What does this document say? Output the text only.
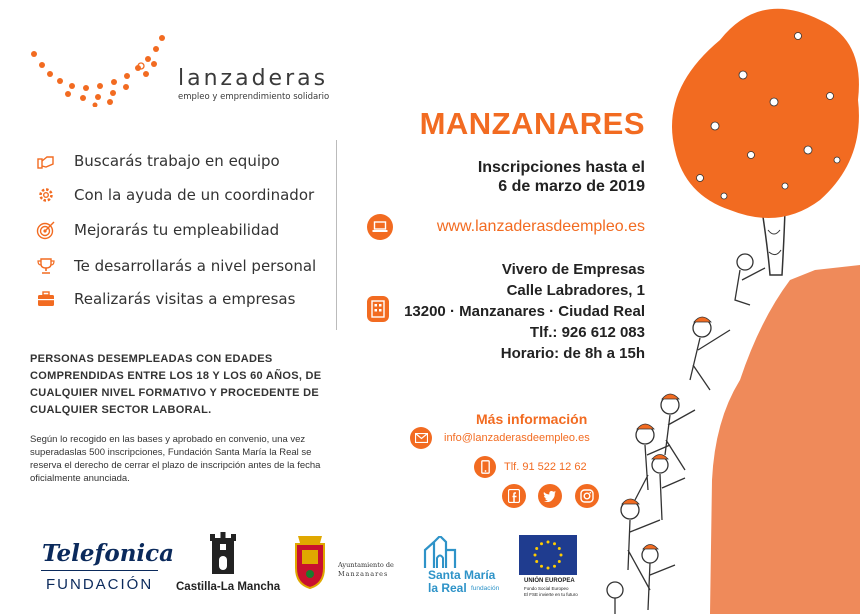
lanzaderas
empleo y emprendimiento solidario
Buscarás trabajo en equipo
Con la ayuda de un coordinador
Mejorarás tu empleabilidad
Te desarrollarás a nivel personal
Realizarás visitas a empresas
PERSONAS DESEMPLEADAS CON EDADES COMPRENDIDAS ENTRE LOS 18 Y LOS 60 AÑOS, DE CUALQUIER NIVEL FORMATIVO Y PROCEDENTE DE CUALQUIER SECTOR LABORAL.
Según lo recogido en las bases y aprobado en convenio, una vez superadaslas 500 inscripciones, Fundación Santa María la Real se reserva el derecho de cerrar el plazo de inscripción antes de la fecha oficialmente anunciada.
MANZANARES
Inscripciones hasta el
6 de marzo de 2019
www.lanzaderasdeempleo.es
Vivero de Empresas
Calle Labradores, 1
13200 · Manzanares · Ciudad Real
Tlf.: 926 612 083
Horario: de 8h a 15h
Más información
info@lanzaderasdeempleo.es
Tlf. 91 522 12 62
Telefonica
FUNDACIÓN Castilla-La Mancha
Ayuntamiento de
Manzanares	Santa María
la Real fundación
UNIÓN EUROPEA
Fondo Social Europeo
El FSE invierte en tu futuro
